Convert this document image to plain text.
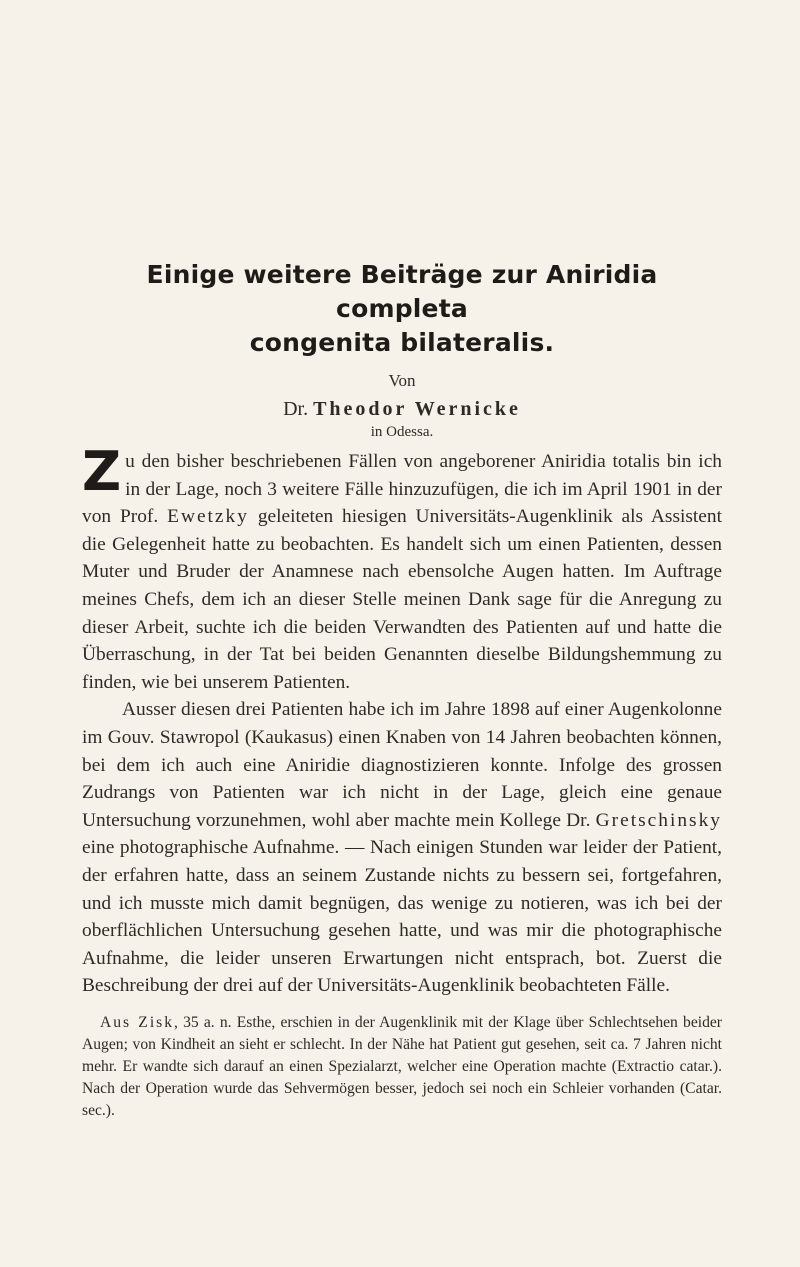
Einige weitere Beiträge zur Aniridia completa
congenita bilateralis.
Von
Dr. Theodor Wernicke
in Odessa.

Zu den bisher beschriebenen Fällen von angeborener Aniridia totalis bin ich in der Lage, noch 3 weitere Fälle hinzuzufügen, die ich im April 1901 in der von Prof. Ewetzky geleiteten hiesigen Universitäts-Augenklinik als Assistent die Gelegenheit hatte zu beobachten. Es handelt sich um einen Patienten, dessen Muter und Bruder der Anamnese nach ebensolche Augen hatten. Im Auftrage meines Chefs, dem ich an dieser Stelle meinen Dank sage für die Anregung zu dieser Arbeit, suchte ich die beiden Verwandten des Patienten auf und hatte die Überraschung, in der Tat bei beiden Genannten dieselbe Bildungshemmung zu finden, wie bei unserem Patienten.

Ausser diesen drei Patienten habe ich im Jahre 1898 auf einer Augenkolonne im Gouv. Stawropol (Kaukasus) einen Knaben von 14 Jahren beobachten können, bei dem ich auch eine Aniridie diagnostizieren konnte. Infolge des grossen Zudrangs von Patienten war ich nicht in der Lage, gleich eine genaue Untersuchung vorzunehmen, wohl aber machte mein Kollege Dr. Gretschinsky eine photographische Aufnahme. — Nach einigen Stunden war leider der Patient, der erfahren hatte, dass an seinem Zustande nichts zu bessern sei, fortgefahren, und ich musste mich damit begnügen, das wenige zu notieren, was ich bei der oberflächlichen Untersuchung gesehen hatte, und was mir die photographische Aufnahme, die leider unseren Erwartungen nicht entsprach, bot. Zuerst die Beschreibung der drei auf der Universitäts-Augenklinik beobachteten Fälle.

Aus Zisk, 35 a. n. Esthe, erschien in der Augenklinik mit der Klage über Schlechtsehen beider Augen; von Kindheit an sieht er schlecht. In der Nähe hat Patient gut gesehen, seit ca. 7 Jahren nicht mehr. Er wandte sich darauf an einen Spezialarzt, welcher eine Operation machte (Extractio catar.). Nach der Operation wurde das Sehvermögen besser, jedoch sei noch ein Schleier vorhanden (Catar. sec.).
